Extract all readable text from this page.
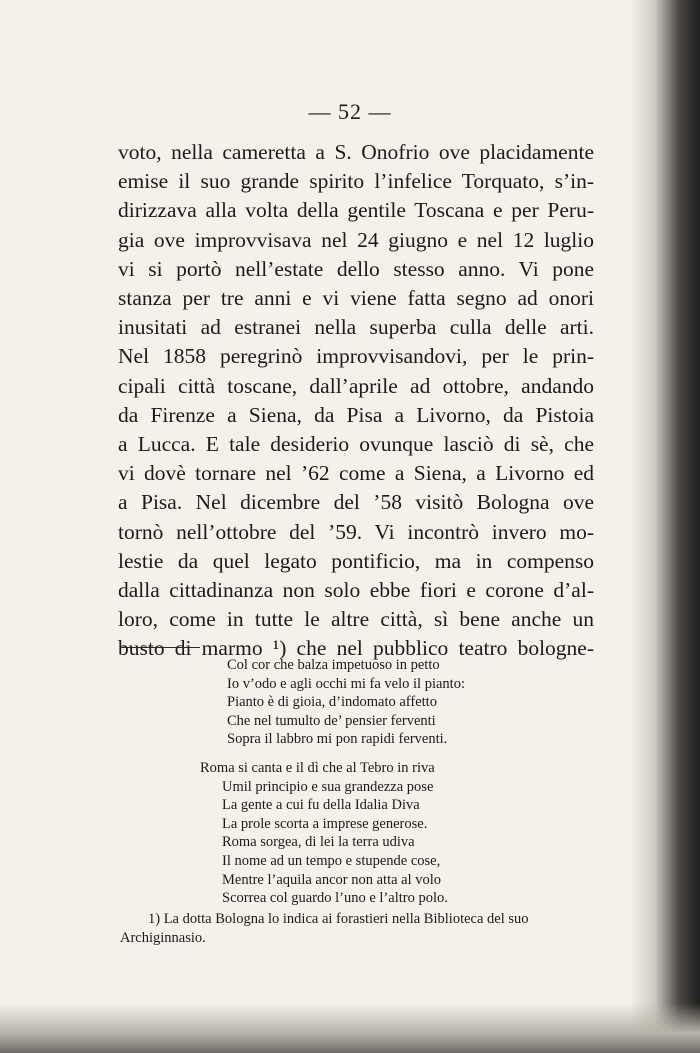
— 52 —
voto, nella cameretta a S. Onofrio ove placidamente
emise il suo grande spirito l’infelice Torquato, s’in-
dirizzava alla volta della gentile Toscana e per Peru-
gia ove improvvisava nel 24 giugno e nel 12 luglio
vi si portò nell’estate dello stesso anno. Vi pone
stanza per tre anni e vi viene fatta segno ad onori
inusitati ad estranei nella superba culla delle arti.
Nel 1858 peregrinò improvvisandovi, per le prin-
cipali città toscane, dall’aprile ad ottobre, andando
da Firenze a Siena, da Pisa a Livorno, da Pistoia
a Lucca. E tale desiderio ovunque lasciò di sè, che
vi dovè tornare nel ’62 come a Siena, a Livorno ed
a Pisa. Nel dicembre del ’58 visitò Bologna ove
tornò nell’ottobre del ’59. Vi incontrò invero mo-
lestie da quel legato pontificio, ma in compenso
dalla cittadinanza non solo ebbe fiori e corone d’al-
loro, come in tutte le altre città, sì bene anche un
busto di marmo ¹) che nel pubblico teatro bologne-
Col cor che balza impetuoso in petto
Io v’odo e agli occhi mi fa velo il pianto:
Pianto è di gioia, d’indomato affetto
Che nel tumulto de’ pensier ferventi
Sopra il labbro mi pon rapidi ferventi.
Roma si canta e il dì che al Tebro in riva
Umil principio e sua grandezza pose
La gente a cui fu della Idalia Diva
La prole scorta a imprese generose.
Roma sorgea, di lei la terra udiva
Il nome ad un tempo e stupende cose,
Mentre l’aquila ancor non atta al volo
Scorrea col guardo l’uno e l’altro polo.
1) La dotta Bologna lo indica ai forastieri nella Biblioteca del suo
Archiginnasio.
